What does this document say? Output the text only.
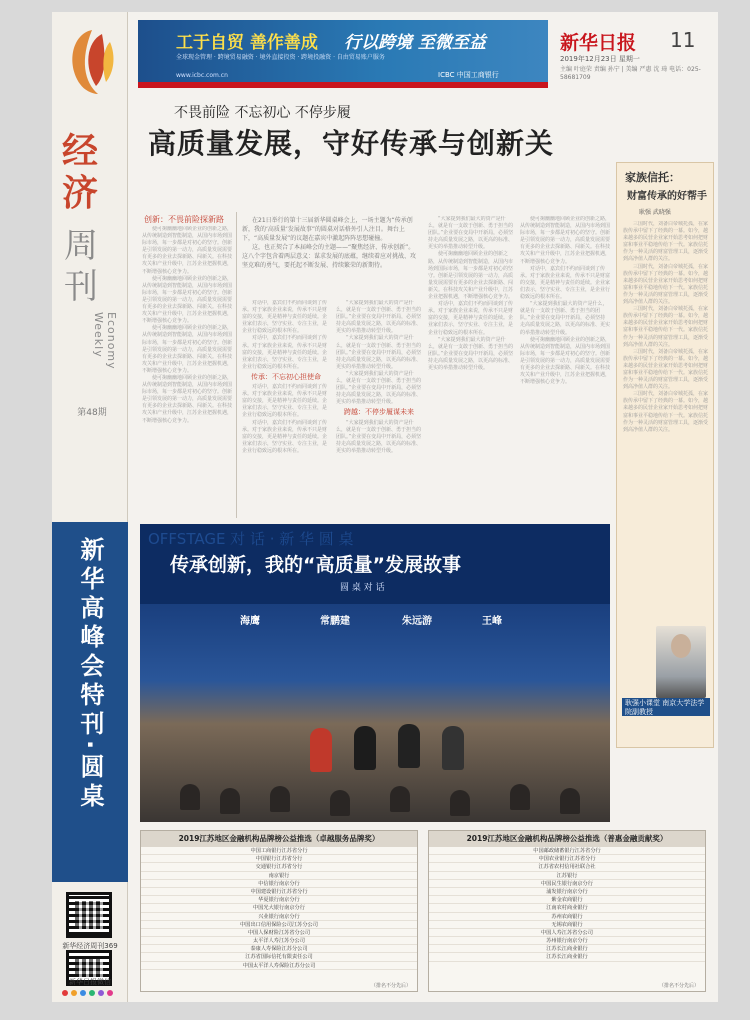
经
济
周
刊
Economy Weekly
第48期
新华高峰会特刊·圆桌
新华经济周刊369
新华日报微信
工于自贸 善作善成 行以跨境 至微至益
全球现金管理 · 跨境贸易融资 · 境外直接投资 · 跨境投融资 · 自由贸易账户服务
www.icbc.com.cn	ICBC 中国工商银行
新华日报 11
2019年12月23日 星期一
主编 叶庭荣 责编 孙宁 | 美编 严惠 沈 琦 电话：025-58681709
不畏前险 不忘初心 不停步履
高质量发展，守好传承与创新关
创新：不畏前险探新路

使可掬幽幽地回顾企业的创新之路，从传统制造到智能制造，从国内市场到国际市场，每一步都是对初心的坚守。创新是引领发展的第一动力，高质量发展需要有更多的企业去探新路、闯新关。在科技攻关和产业升级中，江苏企业把握机遇，不断增强核心竞争力。

使可掬幽幽地回顾企业的创新之路，从传统制造到智能制造，从国内市场到国际市场，每一步都是对初心的坚守。创新是引领发展的第一动力，高质量发展需要有更多的企业去探新路、闯新关。在科技攻关和产业升级中，江苏企业把握机遇，不断增强核心竞争力。

使可掬幽幽地回顾企业的创新之路，从传统制造到智能制造，从国内市场到国际市场，每一步都是对初心的坚守。创新是引领发展的第一动力，高质量发展需要有更多的企业去探新路、闯新关。在科技攻关和产业升级中，江苏企业把握机遇，不断增强核心竞争力。

使可掬幽幽地回顾企业的创新之路，从传统制造到智能制造，从国内市场到国际市场，每一步都是对初心的坚守。创新是引领发展的第一动力，高质量发展需要有更多的企业去探新路、闯新关。在科技攻关和产业升级中，江苏企业把握机遇，不断增强核心竞争力。

在21日举行的第十三届新华圆桌峰会上，一场主题为“传承创新，我的‘高质量’发展故事”的圆桌对话格外引人注目。舞台上下，“高质量发展”的议题在嘉宾中激起阵阵思想碰撞。

这，也正契合了本届峰会的主题——“聚焦经济、传承创新”。这八个字包含着两层意义：谋求发展的底蕴，继续着应对挑战、攻坚克难的勇气，要托起不断发展、持续繁荣的新期待。

对话中，嘉宾们不约而同谈到了传承。对于家族企业来说，传承不只是财富的交接，更是精神与责任的延续。企业家们表示，坚守实业、专注主业，是企业行稳致远的根本所在。

对话中，嘉宾们不约而同谈到了传承。对于家族企业来说，传承不只是财富的交接，更是精神与责任的延续。企业家们表示，坚守实业、专注主业，是企业行稳致远的根本所在。

传承：不忘初心担使命

对话中，嘉宾们不约而同谈到了传承。对于家族企业来说，传承不只是财富的交接，更是精神与责任的延续。企业家们表示，坚守实业、专注主业，是企业行稳致远的根本所在。

对话中，嘉宾们不约而同谈到了传承。对于家族企业来说，传承不只是财富的交接，更是精神与责任的延续。企业家们表示，坚守实业、专注主业，是企业行稳致远的根本所在。

“大家提到我们最大的资产是什么，就是有一支敢于创新、勇于担当的团队。”企业要在变局中开新局，必须坚持走高质量发展之路，以更高的标准、更实的举措推动转型升级。

“大家提到我们最大的资产是什么，就是有一支敢于创新、勇于担当的团队。”企业要在变局中开新局，必须坚持走高质量发展之路，以更高的标准、更实的举措推动转型升级。

“大家提到我们最大的资产是什么，就是有一支敢于创新、勇于担当的团队。”企业要在变局中开新局，必须坚持走高质量发展之路，以更高的标准、更实的举措推动转型升级。

跨越：不停步履谋未来

“大家提到我们最大的资产是什么，就是有一支敢于创新、勇于担当的团队。”企业要在变局中开新局，必须坚持走高质量发展之路，以更高的标准、更实的举措推动转型升级。

“大家提到我们最大的资产是什么，就是有一支敢于创新、勇于担当的团队。”企业要在变局中开新局，必须坚持走高质量发展之路，以更高的标准、更实的举措推动转型升级。

使可掬幽幽地回顾企业的创新之路，从传统制造到智能制造，从国内市场到国际市场，每一步都是对初心的坚守。创新是引领发展的第一动力，高质量发展需要有更多的企业去探新路、闯新关。在科技攻关和产业升级中，江苏企业把握机遇，不断增强核心竞争力。

对话中，嘉宾们不约而同谈到了传承。对于家族企业来说，传承不只是财富的交接，更是精神与责任的延续。企业家们表示，坚守实业、专注主业，是企业行稳致远的根本所在。

“大家提到我们最大的资产是什么，就是有一支敢于创新、勇于担当的团队。”企业要在变局中开新局，必须坚持走高质量发展之路，以更高的标准、更实的举措推动转型升级。

使可掬幽幽地回顾企业的创新之路，从传统制造到智能制造，从国内市场到国际市场，每一步都是对初心的坚守。创新是引领发展的第一动力，高质量发展需要有更多的企业去探新路、闯新关。在科技攻关和产业升级中，江苏企业把握机遇，不断增强核心竞争力。

对话中，嘉宾们不约而同谈到了传承。对于家族企业来说，传承不只是财富的交接，更是精神与责任的延续。企业家们表示，坚守实业、专注主业，是企业行稳致远的根本所在。

“大家提到我们最大的资产是什么，就是有一支敢于创新、勇于担当的团队。”企业要在变局中开新局，必须坚持走高质量发展之路，以更高的标准、更实的举措推动转型升级。

使可掬幽幽地回顾企业的创新之路，从传统制造到智能制造，从国内市场到国际市场，每一步都是对初心的坚守。创新是引领发展的第一动力，高质量发展需要有更多的企业去探新路、闯新关。在科技攻关和产业升级中，江苏企业把握机遇，不断增强核心竞争力。

家族信托：
财富传承的好帮手
耿强 武晓强

三国时代，刘备白帝城托孤，在家族传承中留下了经典的一幕。如今，越来越多的民营企业家开始思考如何把财富和事业平稳地传给下一代。家族信托作为一种灵活的财富管理工具，逐渐受到高净值人群的关注。

三国时代，刘备白帝城托孤，在家族传承中留下了经典的一幕。如今，越来越多的民营企业家开始思考如何把财富和事业平稳地传给下一代。家族信托作为一种灵活的财富管理工具，逐渐受到高净值人群的关注。

三国时代，刘备白帝城托孤，在家族传承中留下了经典的一幕。如今，越来越多的民营企业家开始思考如何把财富和事业平稳地传给下一代。家族信托作为一种灵活的财富管理工具，逐渐受到高净值人群的关注。

三国时代，刘备白帝城托孤，在家族传承中留下了经典的一幕。如今，越来越多的民营企业家开始思考如何把财富和事业平稳地传给下一代。家族信托作为一种灵活的财富管理工具，逐渐受到高净值人群的关注。

三国时代，刘备白帝城托孤，在家族传承中留下了经典的一幕。如今，越来越多的民营企业家开始思考如何把财富和事业平稳地传给下一代。家族信托作为一种灵活的财富管理工具，逐渐受到高净值人群的关注。

耿强小课堂 南京大学法学院副教授
OFFSTAGE 对 话 · 新 华 圆 桌
传承创新，我的“高质量”发展故事
圆 桌 对 话
海鹰	常鹏建	朱远游	王峰
2019江苏地区金融机构品牌榜公益推选（卓越服务品牌奖）
中国工商银行江苏省分行
中国银行江苏省分行
交通银行江苏省分行
南京银行
中信银行南京分行
中国建设银行江苏省分行
华夏银行南京分行
中国光大银行南京分行
兴业银行南京分行
中国出口信用保险公司江苏分公司
中国人保财险江苏省分公司
太平洋人寿江苏分公司
泰康人寿保险江苏分公司
江苏省国际信托有限责任公司
中国太平洋人寿保险江苏分公司
（排名不分先后）
2019江苏地区金融机构品牌榜公益推选（普惠金融贡献奖）
中国邮政储蓄银行江苏省分行
中国农业银行江苏省分行
江苏省农村信用社联合社
江苏银行
中国民生银行南京分行
浦发银行南京分行
紫金农商银行
江南农村商业银行
苏州农商银行
无锡农商银行
中国人寿江苏省分公司
苏州银行南京分行
江苏长江商业银行
江苏长江商业银行
（排名不分先后）
